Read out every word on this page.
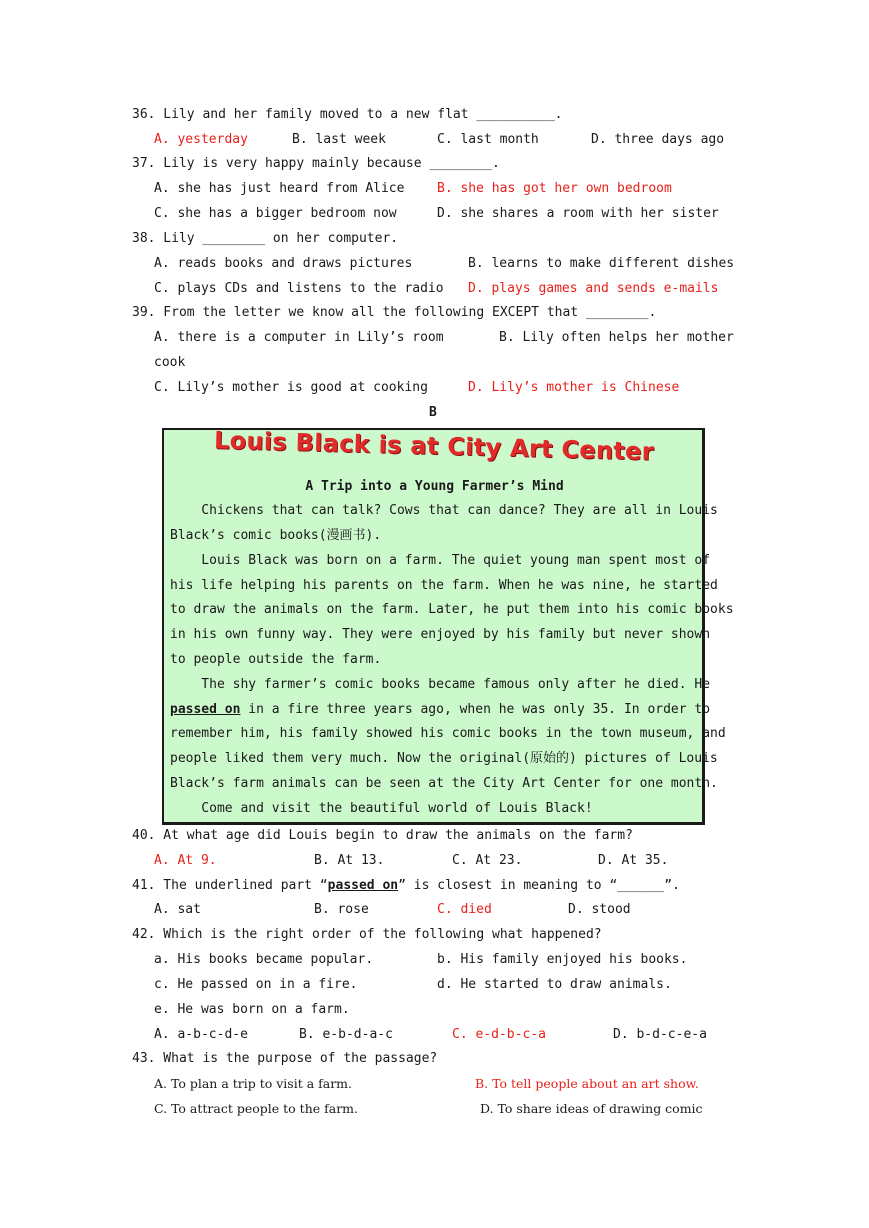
36. Lily and her family moved to a new flat __________.
A. yesterday	B. last week	C. last month	D. three days ago
37. Lily is very happy mainly because ________.
A. she has just heard from Alice	B. she has got her own bedroom
C. she has a bigger bedroom now	D. she shares a room with her sister
38. Lily ________ on her computer.
A. reads books and draws pictures	B. learns to make different dishes
C. plays CDs and listens to the radio D. plays games and sends e-mails
39. From the letter we know all the following EXCEPT that ________.
A. there is a computer in Lily’s room	B. Lily often helps her mother
cook
C. Lily’s mother is good at cooking	D. Lily’s mother is Chinese
B
Louis Black is at City Art Center
A Trip into a Young Farmer’s Mind
Chickens that can talk? Cows that can dance? They are all in Louis
Black’s comic books(漫画书).
Louis Black was born on a farm. The quiet young man spent most of
his life helping his parents on the farm. When he was nine, he started
to draw the animals on the farm. Later, he put them into his comic books
in his own funny way. They were enjoyed by his family but never shown
to people outside the farm.
The shy farmer’s comic books became famous only after he died. He
passed on in a fire three years ago, when he was only 35. In order to
remember him, his family showed his comic books in the town museum, and
people liked them very much. Now the original(原始的) pictures of Louis
Black’s farm animals can be seen at the City Art Center for one month.
Come and visit the beautiful world of Louis Black!
40. At what age did Louis begin to draw the animals on the farm?
A. At 9.	B. At 13.	C. At 23.	D. At 35.
41. The underlined part “passed on” is closest in meaning to “______”.
A. sat	B. rose	C. died	D. stood
42. Which is the right order of the following what happened?
a. His books became popular.	b. His family enjoyed his books.
c. He passed on in a fire.	d. He started to draw animals.
e. He was born on a farm.
A. a-b-c-d-e	B. e-b-d-a-c	C. e-d-b-c-a	D. b-d-c-e-a
43. What is the purpose of the passage?
A. To plan a trip to visit a farm.	B. To tell people about an art show.
C. To attract people to the farm.	D. To share ideas of drawing comic
